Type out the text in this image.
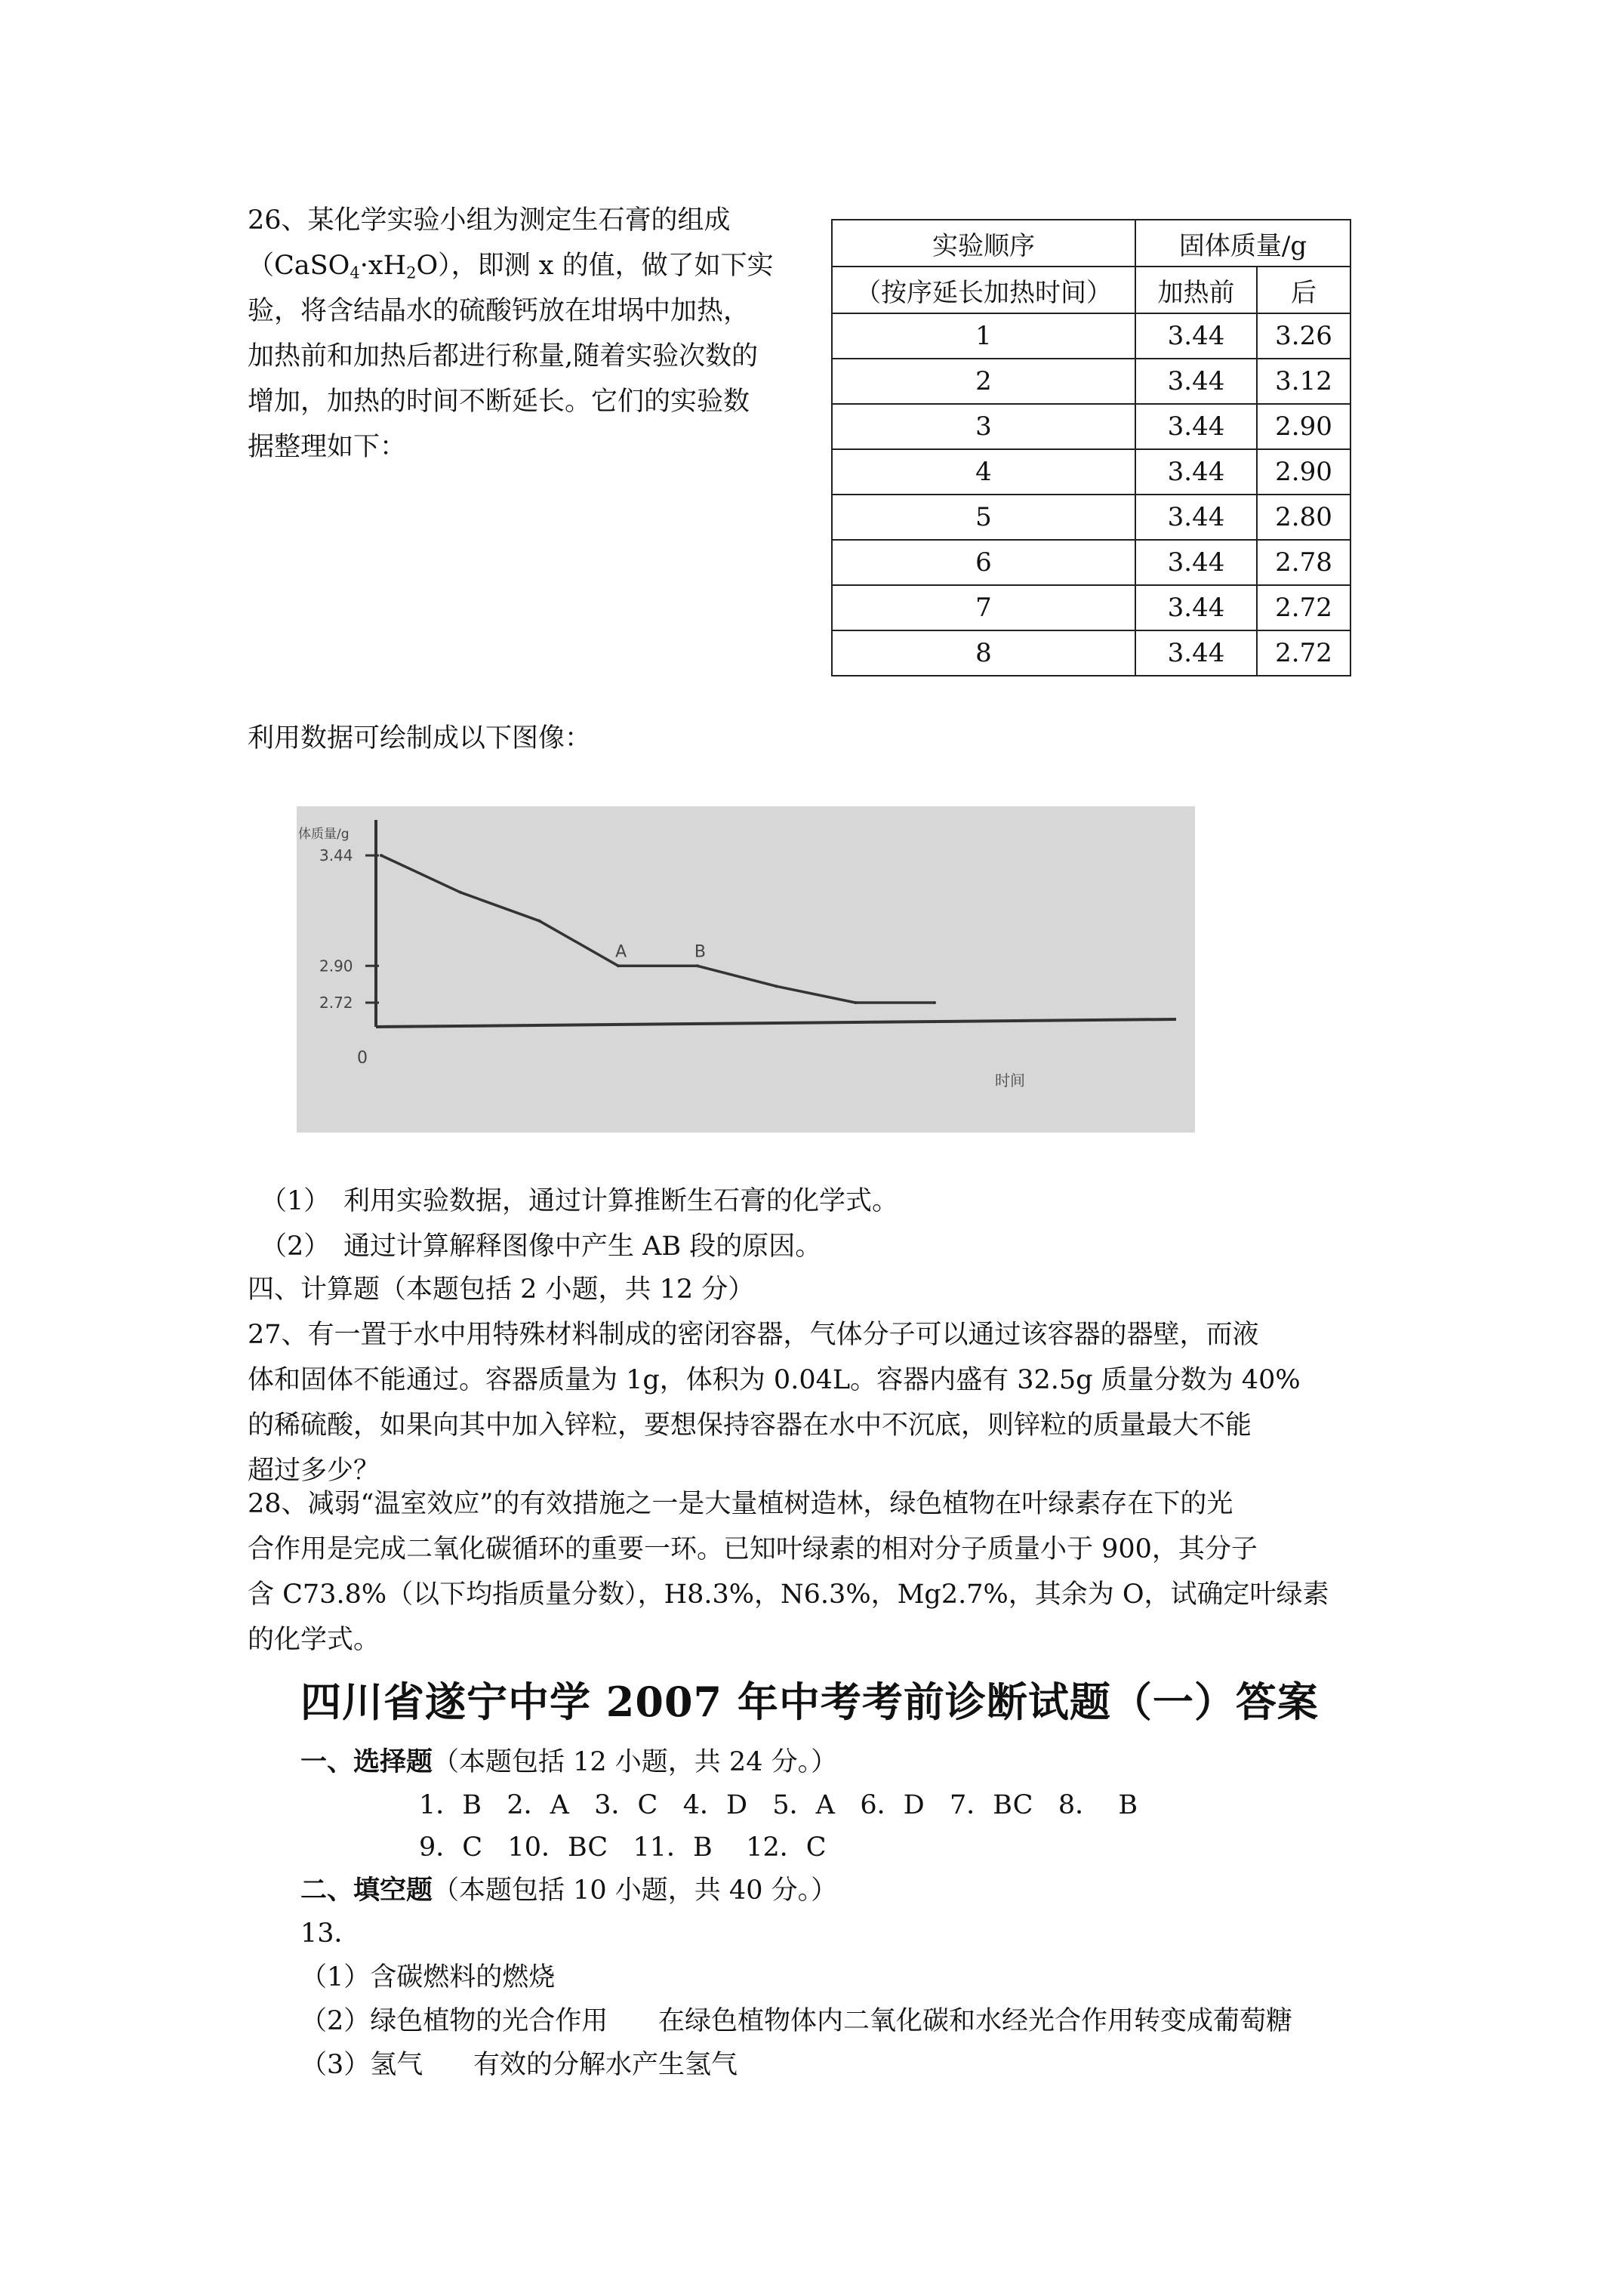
26、某化学实验小组为测定生石膏的组成
$(CaSO_4\cdot xH_2O)$，即测 x 的值，做了如下实
验，将含结晶水的硫酸钙放在坩埚中加热，
加热前和加热后都进行称量,随着实验次数的
增加，加热的时间不断延长。它们的实验数
据整理如下：
实验顺序	固体质量/g	
（按序延长加热时间）	加热前	后
1	3.44	3.26
2	3.44	3.12
3	3.44	2.90
4	3.44	2.90
5	3.44	2.80
6	3.44	2.78
7	3.44	2.72
8	3.44	2.72
利用数据可绘制成以下图像：
体质量/g
0
时间
3.44
2.90
2.72
A	B
（1） 利用实验数据，通过计算推断生石膏的化学式。
（2） 通过计算解释图像中产生 AB 段的原因。
四、计算题（本题包括 2 小题，共 12 分）
27、有一置于水中用特殊材料制成的密闭容器，气体分子可以通过该容器的器壁，而液
体和固体不能通过。容器质量为 1g，体积为 0.04L。容器内盛有 32.5g 质量分数为 40%
的稀硫酸，如果向其中加入锌粒，要想保持容器在水中不沉底，则锌粒的质量最大不能
超过多少？
28、减弱“温室效应”的有效措施之一是大量植树造林，绿色植物在叶绿素存在下的光
合作用是完成二氧化碳循环的重要一环。已知叶绿素的相对分子质量小于 900，其分子
含 C73.8%（以下均指质量分数），H8.3%，N6.3%，Mg2.7%，其余为 O，试确定叶绿素
的化学式。
四川省遂宁中学 2007 年中考考前诊断试题（一）答案
一、选择题（本题包括 12 小题，共 24 分。）
1．B   2．A   3．C   4．D   5．A   6．D   7．BC   8．  B
9．C   10．BC   11．B    12．C
二、填空题（本题包括 10 小题，共 40 分。）
13．
（1）含碳燃料的燃烧
（2）绿色植物的光合作用      在绿色植物体内二氧化碳和水经光合作用转变成葡萄糖
（3）氢气      有效的分解水产生氢气
